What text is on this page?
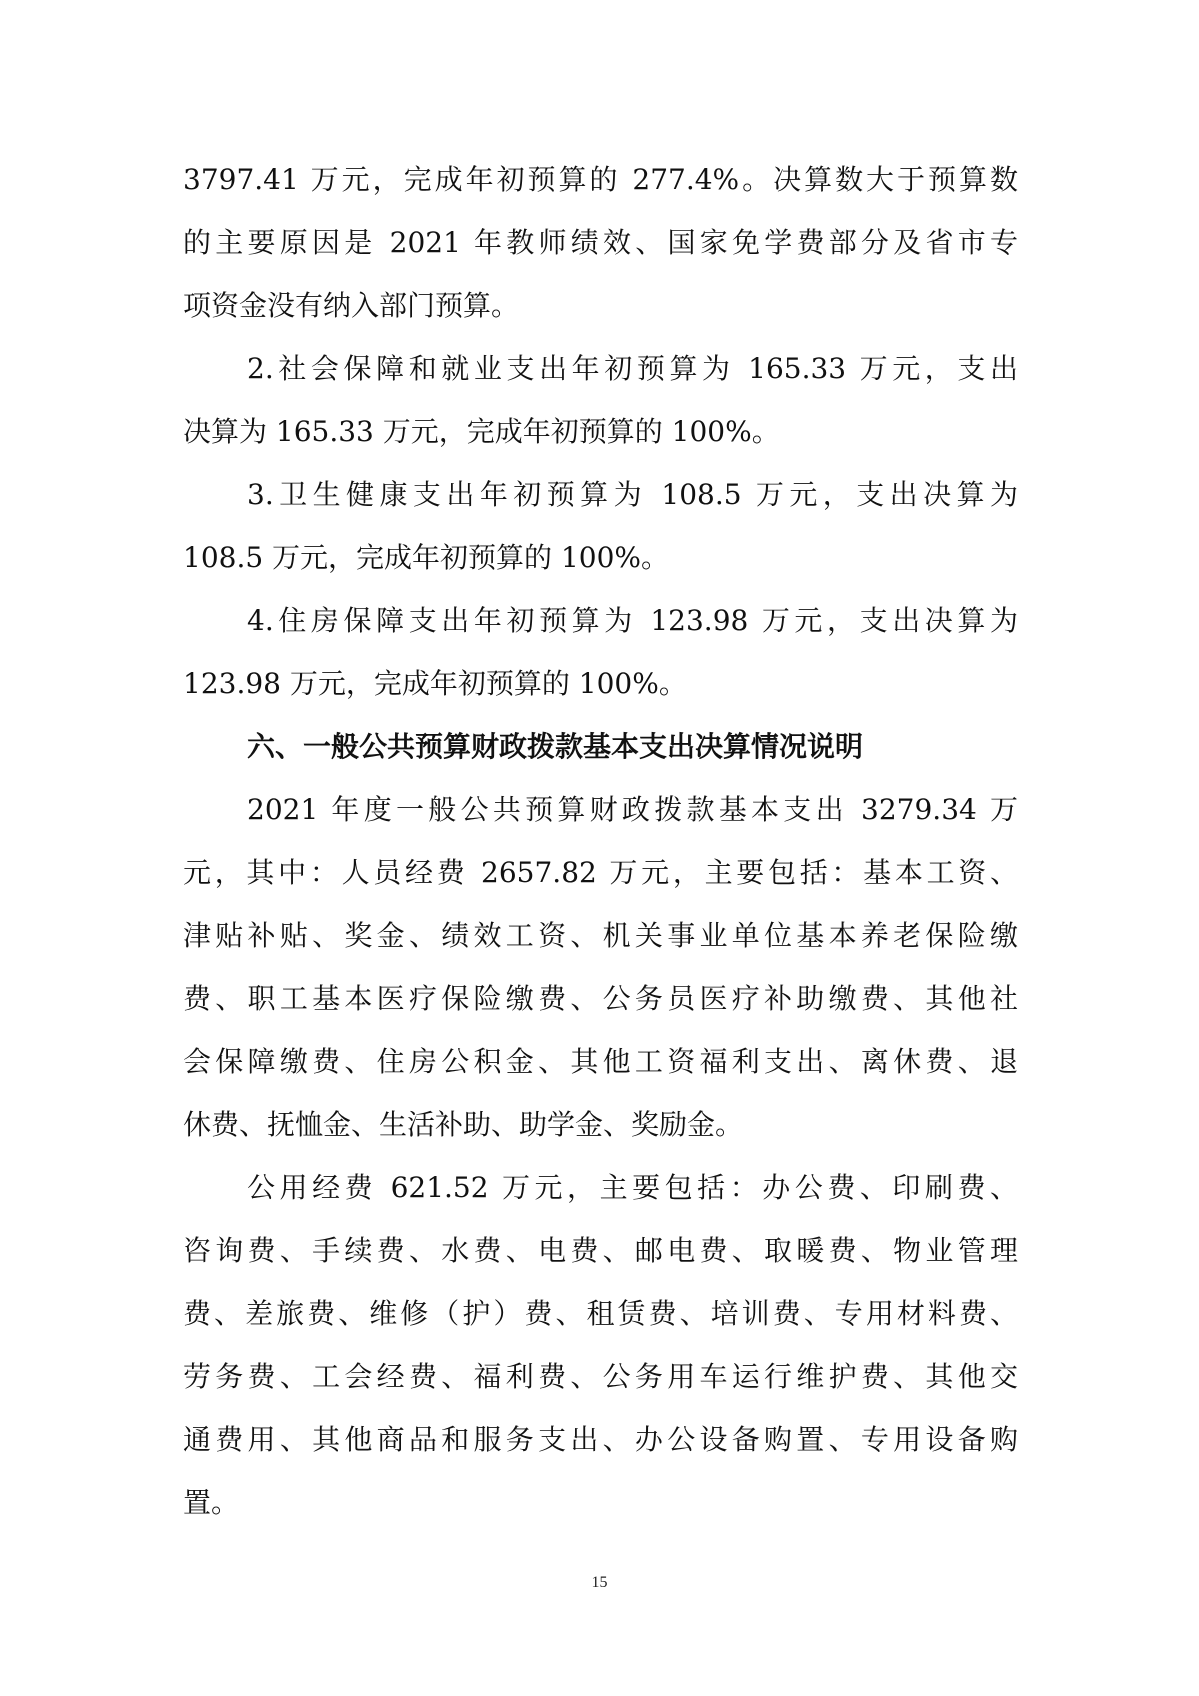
3797.41 万元，完成年初预算的 277.4%。决算数大于预算数
的主要原因是 2021 年教师绩效、国家免学费部分及省市专
项资金没有纳入部门预算。
2.社会保障和就业支出年初预算为 165.33 万元，支出
决算为 165.33 万元，完成年初预算的 100%。
3.卫生健康支出年初预算为 108.5 万元，支出决算为
108.5 万元，完成年初预算的 100%。
4.住房保障支出年初预算为 123.98 万元，支出决算为
123.98 万元，完成年初预算的 100%。
六、一般公共预算财政拨款基本支出决算情况说明
2021 年度一般公共预算财政拨款基本支出 3279.34 万
元，其中：人员经费 2657.82 万元，主要包括：基本工资、
津贴补贴、奖金、绩效工资、机关事业单位基本养老保险缴
费、职工基本医疗保险缴费、公务员医疗补助缴费、其他社
会保障缴费、住房公积金、其他工资福利支出、离休费、退
休费、抚恤金、生活补助、助学金、奖励金。
公用经费 621.52 万元，主要包括：办公费、印刷费、
咨询费、手续费、水费、电费、邮电费、取暖费、物业管理
费、差旅费、维修（护）费、租赁费、培训费、专用材料费、
劳务费、工会经费、福利费、公务用车运行维护费、其他交
通费用、其他商品和服务支出、办公设备购置、专用设备购
置。
15
